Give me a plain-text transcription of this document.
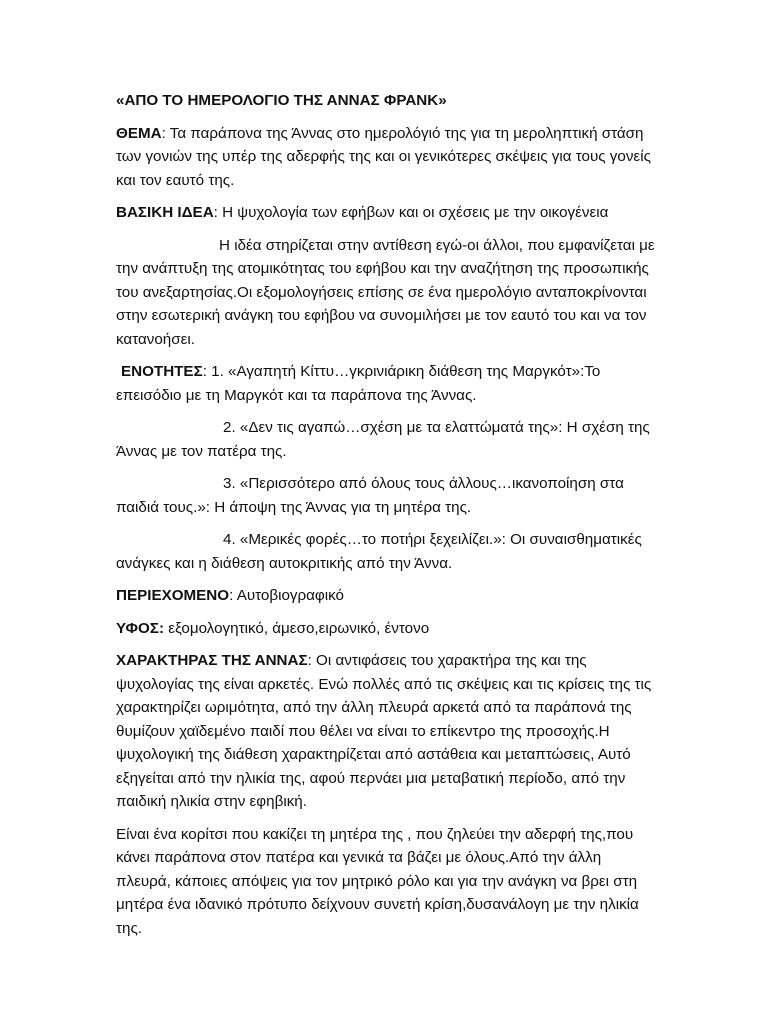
«ΑΠΟ ΤΟ ΗΜΕΡΟΛΟΓΙΟ ΤΗΣ ΑΝΝΑΣ ΦΡΑΝΚ»

ΘΕΜΑ: Τα παράπονα της Άννας στο ημερολόγιό της για τη μεροληπτική στάση των γονιών της υπέρ της αδερφής της και οι γενικότερες σκέψεις για τους γονείς και τον εαυτό της.

ΒΑΣΙΚΗ ΙΔΕΑ: Η ψυχολογία των εφήβων και οι σχέσεις με την οικογένεια

Η ιδέα στηρίζεται στην αντίθεση εγώ-οι άλλοι, που εμφανίζεται με την ανάπτυξη της ατομικότητας του εφήβου και την αναζήτηση της προσωπικής του ανεξαρτησίας.Οι εξομολογήσεις επίσης σε ένα ημερολόγιο ανταποκρίνονται στην εσωτερική ανάγκη του εφήβου να συνομιλήσει με τον εαυτό του και να τον κατανοήσει.

ΕΝΟΤΗΤΕΣ: 1. «Αγαπητή Κίττυ…γκρινιάρικη διάθεση της Μαργκότ»:Το επεισόδιο με τη Μαργκότ και τα παράπονα της Άννας.

2. «Δεν τις αγαπώ…σχέση με τα ελαττώματά της»: Η σχέση της Άννας με τον πατέρα της.

3. «Περισσότερο από όλους τους άλλους…ικανοποίηση στα παιδιά τους.»: Η άποψη της Άννας για τη μητέρα της.

4. «Μερικές φορές…το ποτήρι ξεχειλίζει.»: Οι συναισθηματικές ανάγκες και η διάθεση αυτοκριτικής από την Άννα.

ΠΕΡΙΕΧΟΜΕΝΟ: Αυτοβιογραφικό

ΥΦΟΣ: εξομολογητικό, άμεσο,ειρωνικό, έντονο

ΧΑΡΑΚΤΗΡΑΣ ΤΗΣ ΑΝΝΑΣ: Οι αντιφάσεις του χαρακτήρα της και της ψυχολογίας της είναι αρκετές. Ενώ πολλές από τις σκέψεις και τις κρίσεις της τις χαρακτηρίζει ωριμότητα, από την άλλη πλευρά αρκετά από τα παράπονά της θυμίζουν χαϊδεμένο παιδί που θέλει να είναι το επίκεντρο της προσοχής.Η ψυχολογική της διάθεση χαρακτηρίζεται από αστάθεια και μεταπτώσεις, Αυτό εξηγείται από την ηλικία της, αφού περνάει μια μεταβατική περίοδο, από την παιδική ηλικία στην εφηβική.

Είναι ένα κορίτσι που κακίζει τη μητέρα της , που ζηλεύει την αδερφή της,που κάνει παράπονα στον πατέρα και γενικά τα βάζει με όλους.Από την άλλη πλευρά, κάποιες απόψεις για τον μητρικό ρόλο και για την ανάγκη να βρει στη μητέρα ένα ιδανικό πρότυπο δείχνουν συνετή κρίση,δυσανάλογη με την ηλικία της.
